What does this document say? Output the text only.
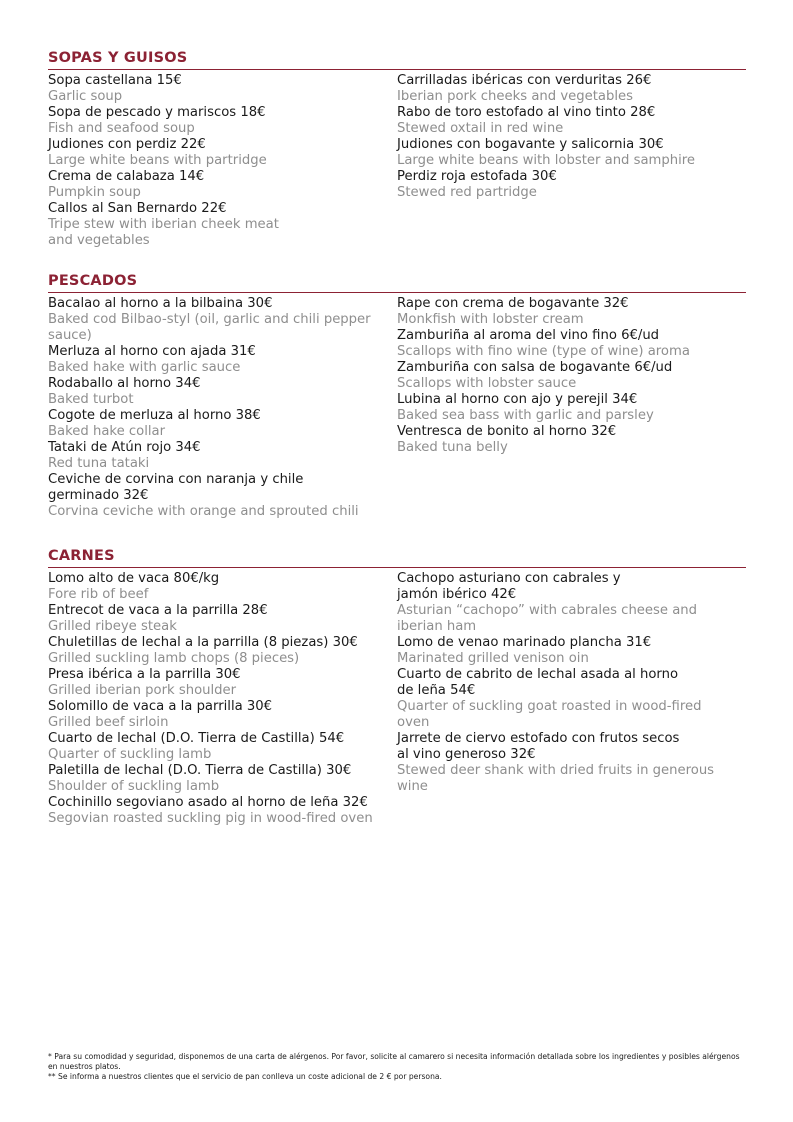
SOPAS Y GUISOS
Sopa castellana 15€
Garlic soup
Sopa de pescado y mariscos 18€
Fish and seafood soup
Judiones con perdiz 22€
Large white beans with partridge
Crema de calabaza 14€
Pumpkin soup
Callos al San Bernardo 22€
Tripe stew with iberian cheek meat
and vegetables
Carrilladas ibéricas con verduritas 26€
Iberian pork cheeks and vegetables
Rabo de toro estofado al vino tinto 28€
Stewed oxtail in red wine
Judiones con bogavante y salicornia 30€
Large white beans with lobster and samphire
Perdiz roja estofada 30€
Stewed red partridge
PESCADOS
Bacalao al horno a la bilbaina 30€
Baked cod Bilbao-styl (oil, garlic and chili pepper
sauce)
Merluza al horno con ajada 31€
Baked hake with garlic sauce
Rodaballo al horno 34€
Baked turbot
Cogote de merluza al horno 38€
Baked hake collar
Tataki de Atún rojo 34€
Red tuna tataki
Ceviche de corvina con naranja y chile
germinado 32€
Corvina ceviche with orange and sprouted chili
Rape con crema de bogavante 32€
Monkfish with lobster cream
Zamburiña al aroma del vino fino 6€/ud
Scallops with fino wine (type of wine) aroma
Zamburiña con salsa de bogavante 6€/ud
Scallops with lobster sauce
Lubina al horno con ajo y perejil 34€
Baked sea bass with garlic and parsley
Ventresca de bonito al horno 32€
Baked tuna belly
CARNES
Lomo alto de vaca 80€/kg
Fore rib of beef
Entrecot de vaca a la parrilla 28€
Grilled ribeye steak
Chuletillas de lechal a la parrilla (8 piezas) 30€
Grilled suckling lamb chops (8 pieces)
Presa ibérica a la parrilla 30€
Grilled iberian pork shoulder
Solomillo de vaca a la parrilla 30€
Grilled beef sirloin
Cuarto de lechal (D.O. Tierra de Castilla) 54€
Quarter of suckling lamb
Paletilla de lechal (D.O. Tierra de Castilla) 30€
Shoulder of suckling lamb
Cochinillo segoviano asado al horno de leña 32€
Segovian roasted suckling pig in wood-fired oven
Cachopo asturiano con cabrales y
jamón ibérico 42€
Asturian “cachopo” with cabrales cheese and
iberian ham
Lomo de venao marinado plancha 31€
Marinated grilled venison oin
Cuarto de cabrito de lechal asada al horno
de leña 54€
Quarter of suckling goat roasted in wood-fired
oven
Jarrete de ciervo estofado con frutos secos
al vino generoso 32€
Stewed deer shank with dried fruits in generous
wine

* Para su comodidad y seguridad, disponemos de una carta de alérgenos. Por favor, solicite al camarero si necesita información detallada sobre los ingredientes y posibles alérgenos en nuestros platos.

** Se informa a nuestros clientes que el servicio de pan conlleva un coste adicional de 2 € por persona.
